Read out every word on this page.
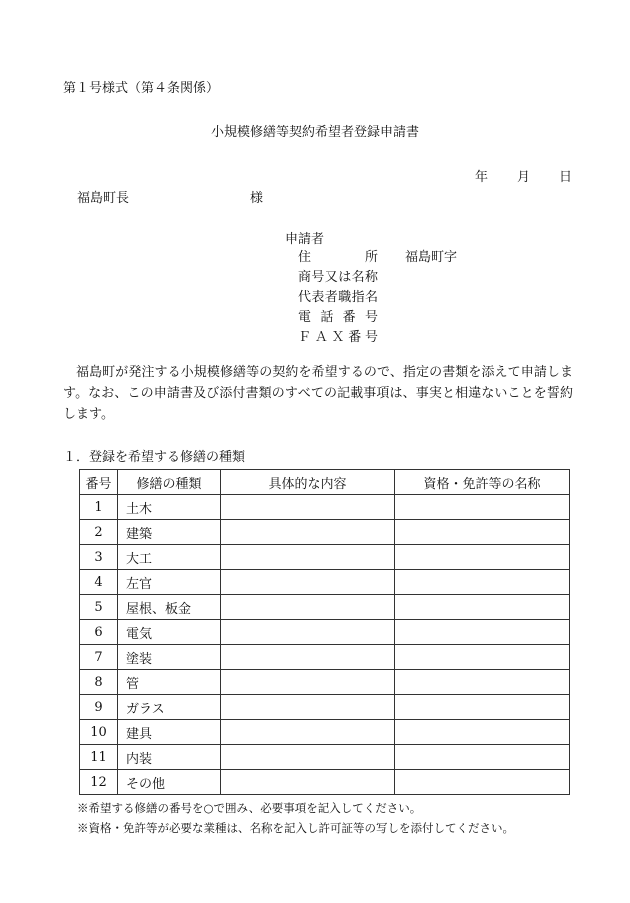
第１号様式（第４条関係）
小規模修繕等契約希望者登録申請書
年 月 日
福島町長	様
申請者
住所 福島町字
商号又は名称
代表者職指名
電話番号
ＦＡＸ番号

福島町が発注する小規模修繕等の契約を希望するので、指定の書類を添えて申請します。なお、この申請書及び添付書類のすべての記載事項は、事実と相違ないことを誓約します。

１．登録を希望する修繕の種類
番号	修繕の種類	具体的な内容	資格・免許等の名称
1	土木		
2	建築		
3	大工		
4	左官		
5	屋根、板金		
6	電気		
7	塗装		
8	管		
9	ガラス		
10	建具		
11	内装		
12	その他		
※希望する修繕の番号を○で囲み、必要事項を記入してください。
※資格・免許等が必要な業種は、名称を記入し許可証等の写しを添付してください。
